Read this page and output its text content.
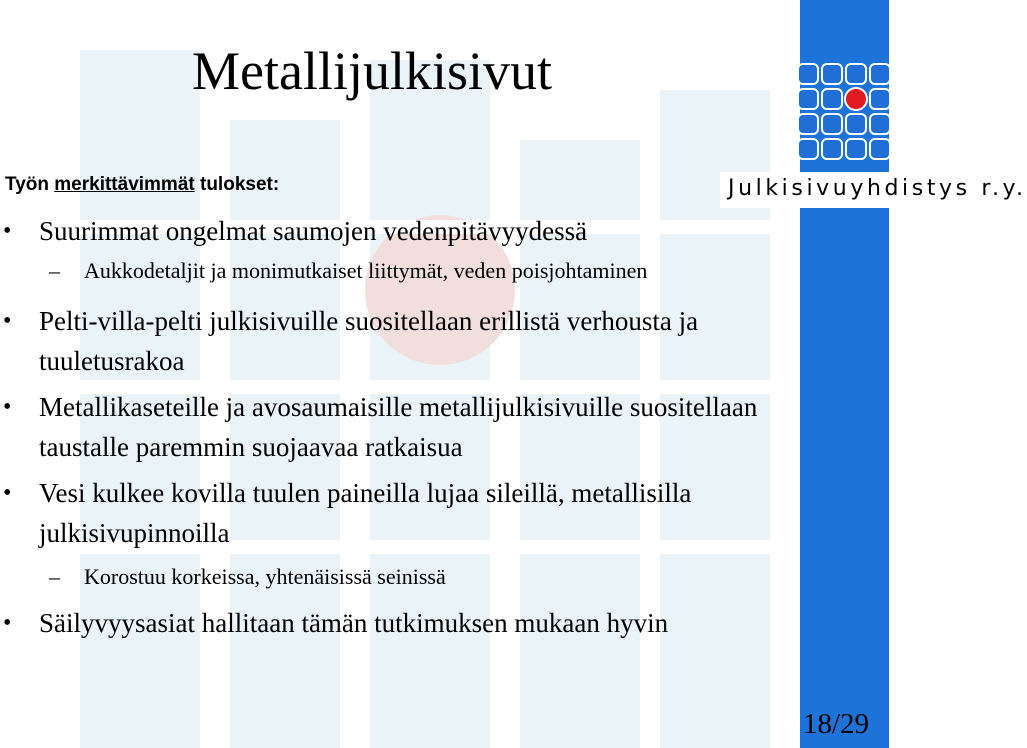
Julkisivuyhdistys r.y.
Metallijulkisivut
Työn merkittävimmät tulokset:
• Suurimmat ongelmat saumojen vedenpitävyydessä
– Aukkodetaljit ja monimutkaiset liittymät, veden poisjohtaminen
• Pelti-villa-pelti julkisivuille suositellaan erillistä verhousta ja tuuletusrakoa
• Metallikaseteille ja avosaumaisille metallijulkisivuille suositellaan taustalle paremmin suojaavaa ratkaisua
• Vesi kulkee kovilla tuulen paineilla lujaa sileillä, metallisilla julkisivupinnoilla
– Korostuu korkeissa, yhtenäisissä seinissä
• Säilyvyysasiat hallitaan tämän tutkimuksen mukaan hyvin
18/29
